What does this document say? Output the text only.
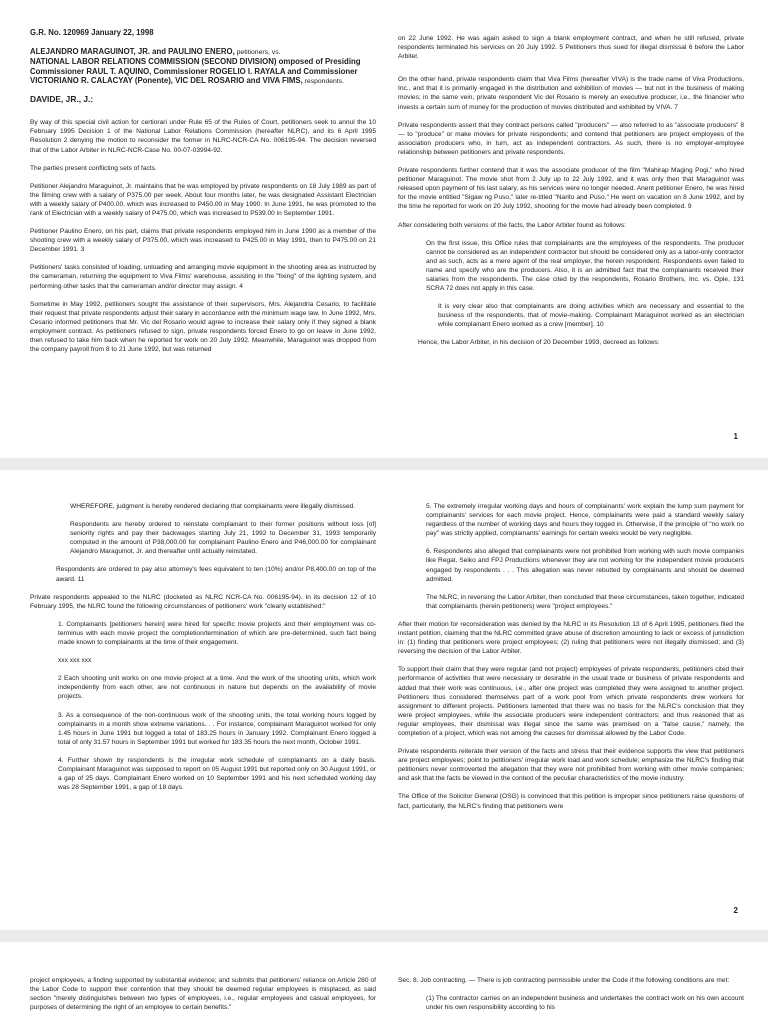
G.R. No. 120969 January 22, 1998
ALEJANDRO MARAGUINOT, JR. and PAULINO ENERO, petitioners, vs.
NATIONAL LABOR RELATIONS COMMISSION (SECOND DIVISION) omposed of Presiding Commissioner RAUL T. AQUINO, Commissioner ROGELIO I. RAYALA and Commissioner VICTORIANO R. CALACYAY (Ponente), VIC DEL ROSARIO and VIVA FIMS, respondents.
DAVIDE, JR., J.:

By way of this special civil action for certiorari under Rule 65 of the Rules of Court, petitioners seek to annul the 10 February 1995 Decision 1 of the National Labor Relations Commission (hereafter NLRC), and its 6 April 1995 Resolution 2 denying the motion to reconsider the former in NLRC-NCR-CA No. 006195-94. The decision reversed that of the Labor Arbiter in NLRC-NCR-Case No. 00-07-03994-92.

The parties present conflicting sets of facts.

Petitioner Alejandro Maraguinot, Jr. maintains that he was employed by private respondents on 18 July 1989 as part of the filming crew with a salary of P375.00 per week. About four months later, he was designated Assistant Electrician with a weekly salary of P400.00, which was increased to P450.00 in May 1990. In June 1991, he was promoted to the rank of Electrician with a weekly salary of P475.00, which was increased to P539.00 in September 1991.

Petitioner Paulino Enero, on his part, claims that private respondents employed him in June 1990 as a member of the shooting crew with a weekly salary of P375.00, which was increased to P425.00 in May 1991, then to P475.00 on 21 December 1991. 3

Petitioners' tasks consisted of loading, unloading and arranging movie equipment in the shooting area as instructed by the cameraman, returning the equipment to Viva Films' warehouse, assisting in the "fixing" of the lighting system, and performing other tasks that the cameraman and/or director may assign. 4

Sometime in May 1992, petitioners sought the assistance of their supervisors, Mrs. Alejandria Cesario, to facilitate their request that private respondents adjust their salary in accordance with the minimum wage law. In June 1992, Mrs. Cesario informed petitioners that Mr. Vic del Rosario would agree to increase their salary only if they signed a blank employment contract. As petitioners refused to sign, private respondents forced Enero to go on leave in June 1992, then refused to take him back when he reported for work on 20 July 1992. Meanwhile, Maraguinot was dropped from the company payroll from 8 to 21 June 1992, but was returned

on 22 June 1992. He was again asked to sign a blank employment contract, and when he still refused, private respondents terminated his services on 20 July 1992. 5 Petitioners thus sued for illegal dismissal 6 before the Labor Arbiter.

On the other hand, private respondents claim that Viva Films (hereafter VIVA) is the trade name of Viva Productions, Inc., and that it is primarily engaged in the distribution and exhibition of movies — but not in the business of making movies; in the same vein, private respondent Vic del Rosario is merely an executive producer, i.e., the financier who invests a certain sum of money for the production of movies distributed and exhibited by VIVA. 7

Private respondents assert that they contract persons called "producers" — also referred to as "associate producers" 8 — to "produce" or make movies for private respondents; and contend that petitioners are project employees of the association producers who, in turn, act as independent contractors. As such, there is no employer-employee relationship between petitioners and private respondents.

Private respondents further contend that it was the associate producer of the film "Mahirap Maging Pogi," who hired petitioner Maraguinot. The movie shot from 2 July up to 22 July 1992, and it was only then that Maraguinot was released upon payment of his last salary, as his services were no longer needed. Anent petitioner Enero, he was hired for the movie entitled "Sigaw ng Puso," later re-titled "Narito and Puso." He went on vacation on 8 June 1992, and by the time he reported for work on 20 July 1992, shooting for the movie had already been completed. 9

After considering both versions of the facts, the Labor Arbiter found as follows:

On the first issue, this Office rules that complainants are the employees of the respondents. The producer cannot be considered as an independent contractor but should be considered only as a labor-only contractor and as such, acts as a mere agent of the real employer, the herein respondent. Respondents even failed to name and specify who are the producers. Also, it is an admitted fact that the complainants received their salaries from the respondents. The case cited by the respondents, Rosario Brothers, Inc. vs. Ople, 131 SCRA 72 does not apply in this case.

It is very clear also that complainants are doing activities which are necessary and essential to the business of the respondents, that of movie-making. Complainant Maraguinot worked as an electrician while complainant Enero worked as a crew [member]. 10

Hence, the Labor Arbiter, in his decision of 20 December 1993, decreed as follows:

1

WHEREFORE, judgment is hereby rendered declaring that complainants were illegally dismissed.

Respondents are hereby ordered to reinstate complainant to their former positions without loss [of] seniority rights and pay their backwages starting July 21, 1992 to December 31, 1993 temporarily computed in the amount of P38,000.00 for complainant Paulino Enero and P46,000.00 for complainant Alejandro Maraguinot, Jr. and thereafter until actually reinstated.

Respondents are ordered to pay also attorney's fees equivalent to ten (10%) and/or P8,400.00 on top of the award. 11

Private respondents appealed to the NLRC (docketed as NLRC NCR-CA No. 006195-94). In its decision 12 of 10 February 1995, the NLRC found the following circumstances of petitioners' work "clearly established:"

1. Complainants [petitioners herein] were hired for specific movie projects and their employment was co-terminus with each movie project the completion/termination of which are pre-determined, such fact being made known to complainants at the time of their engagement.

xxx xxx xxx

2 Each shooting unit works on one movie project at a time. And the work of the shooting units, which work independently from each other, are not continuous in nature but depends on the availability of movie projects.

3. As a consequence of the non-continuous work of the shooting units, the total working hours logged by complainants in a month show extreme variations. . . For instance, complainant Maraguinot worked for only 1.45 hours in June 1991 but logged a total of 183.25 hours in January 1992. Complainant Enero logged a total of only 31.57 hours in September 1991 but worked for 183.35 hours the next month, October 1991.

4. Further shown by respondents is the irregular work schedule of complainants on a daily basis. Complainant Maraguinot was supposed to report on 05 August 1991 but reported only on 30 August 1991, or a gap of 25 days. Complainant Enero worked on 10 September 1991 and his next scheduled working day was 28 September 1991, a gap of 18 days.

5. The extremely irregular working days and hours of complainants' work explain the lump sum payment for complainants' services for each movie project. Hence, complainants were paid a standard weekly salary regardless of the number of working days and hours they logged in. Otherwise, if the principle of "no work no pay" was strictly applied, complainants' earnings for certain weeks would be very negligible.

6. Respondents also alleged that complainants were not prohibited from working with such movie companies like Regal, Seiko and FPJ Productions whenever they are not working for the independent movie producers engaged by respondents . . . This allegation was never rebutted by complainants and should be deemed admitted.

The NLRC, in reversing the Labor Arbiter, then concluded that these circumstances, taken together, indicated that complainants (herein petitioners) were "project employees."

After their motion for reconsideration was denied by the NLRC in its Resolution 13 of 6 April 1995, petitioners filed the instant petition, claiming that the NLRC committed grave abuse of discretion amounting to lack or excess of jurisdiction in: (1) finding that petitioners were project employees; (2) ruling that petitioners were not illegally dismissed; and (3) reversing the decision of the Labor Arbiter.

To support their claim that they were regular (and not project) employees of private respondents, petitioners cited their performance of activities that were necessary or desirable in the usual trade or business of private respondents and added that their work was continuous, i.e., after one project was completed they were assigned to another project. Petitioners thus considered themselves part of a work pool from which private respondents drew workers for assignment to different projects. Petitioners lamented that there was no basis for the NLRC's conclusion that they were project employees, while the associate producers were independent contractors; and thus reasoned that as regular employees, their dismissal was illegal since the same was premised on a "false cause," namely, the completion of a project, which was not among the causes for dismissal allowed by the Labor Code.

Private respondents reiterate their version of the facts and stress that their evidence supports the view that petitioners are project employees; point to petitioners' irregular work load and work schedule; emphasize the NLRC's finding that petitioners never controverted the allegation that they were not prohibited from working with other movie companies; and ask that the facts be viewed in the context of the peculiar characteristics of the movie industry.

The Office of the Solicitor General (OSG) is convinced that this petition is improper since petitioners raise questions of fact, particularly, the NLRC's finding that petitioners were

2

project employees, a finding supported by substantial evidence; and submits that petitioners' reliance on Article 280 of the Labor Code to support their contention that they should be deemed regular employees is misplaced, as said section "merely distinguishes between two types of employees, i.e., regular employees and casual employees, for purposes of determining the right of an employee to certain benefits."

Sec. 8. Job contracting. — There is job contracting permissible under the Code if the following conditions are met:

(1) The contractor carries on an independent business and undertakes the contract work on his own account under his own responsibility according to his
